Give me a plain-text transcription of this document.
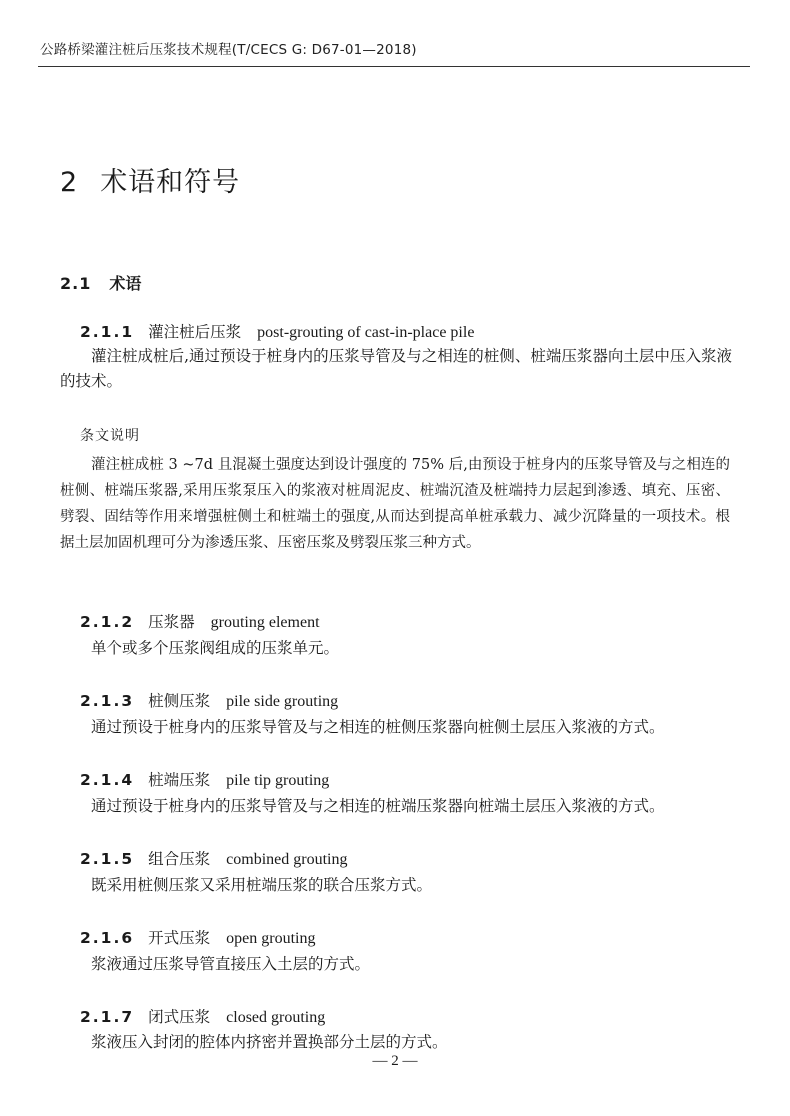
公路桥梁灌注桩后压浆技术规程(T/CECS G: D67-01—2018)
2 术语和符号
2.1 术语
2.1.1 灌注桩后压浆 post-grouting of cast-in-place pile
灌注桩成桩后,通过预设于桩身内的压浆导管及与之相连的桩侧、桩端压浆器向土层中压入浆液的技术。
条文说明
灌注桩成桩 3 ~7d 且混凝土强度达到设计强度的 75% 后,由预设于桩身内的压浆导管及与之相连的桩侧、桩端压浆器,采用压浆泵压入的浆液对桩周泥皮、桩端沉渣及桩端持力层起到渗透、填充、压密、劈裂、固结等作用来增强桩侧土和桩端土的强度,从而达到提高单桩承载力、减少沉降量的一项技术。根据土层加固机理可分为渗透压浆、压密压浆及劈裂压浆三种方式。
2.1.2 压浆器 grouting element
单个或多个压浆阀组成的压浆单元。
2.1.3 桩侧压浆 pile side grouting
通过预设于桩身内的压浆导管及与之相连的桩侧压浆器向桩侧土层压入浆液的方式。
2.1.4 桩端压浆 pile tip grouting
通过预设于桩身内的压浆导管及与之相连的桩端压浆器向桩端土层压入浆液的方式。
2.1.5 组合压浆 combined grouting
既采用桩侧压浆又采用桩端压浆的联合压浆方式。
2.1.6 开式压浆 open grouting
浆液通过压浆导管直接压入土层的方式。
2.1.7 闭式压浆 closed grouting
浆液压入封闭的腔体内挤密并置换部分土层的方式。
— 2 —
